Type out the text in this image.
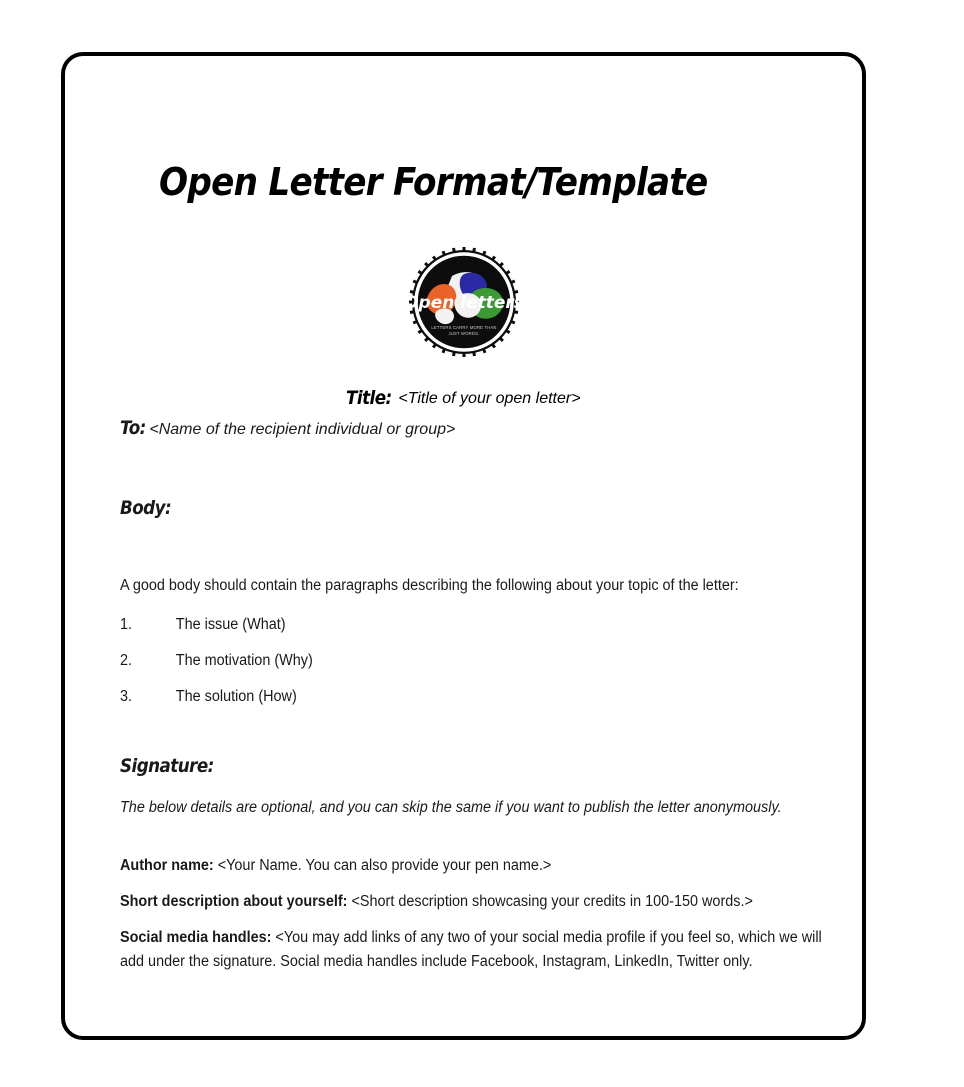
Open Letter Format/Template
Open letters
LETTERS CARRY MORE THAN
JUST WORDS.
Title: <Title of your open letter>
To: <Name of the recipient individual or group>
Body:
A good body should contain the paragraphs describing the following about your topic of the letter:
1.	The issue (What)
2.	The motivation (Why)
3.	The solution (How)
Signature:
The below details are optional, and you can skip the same if you want to publish the letter anonymously.
Author name: <Your Name. You can also provide your pen name.>
Short description about yourself: <Short description showcasing your credits in 100-150 words.>
Social media handles: <You may add links of any two of your social media profile if you feel so, which we will add under the signature. Social media handles include Facebook, Instagram, LinkedIn, Twitter only.
